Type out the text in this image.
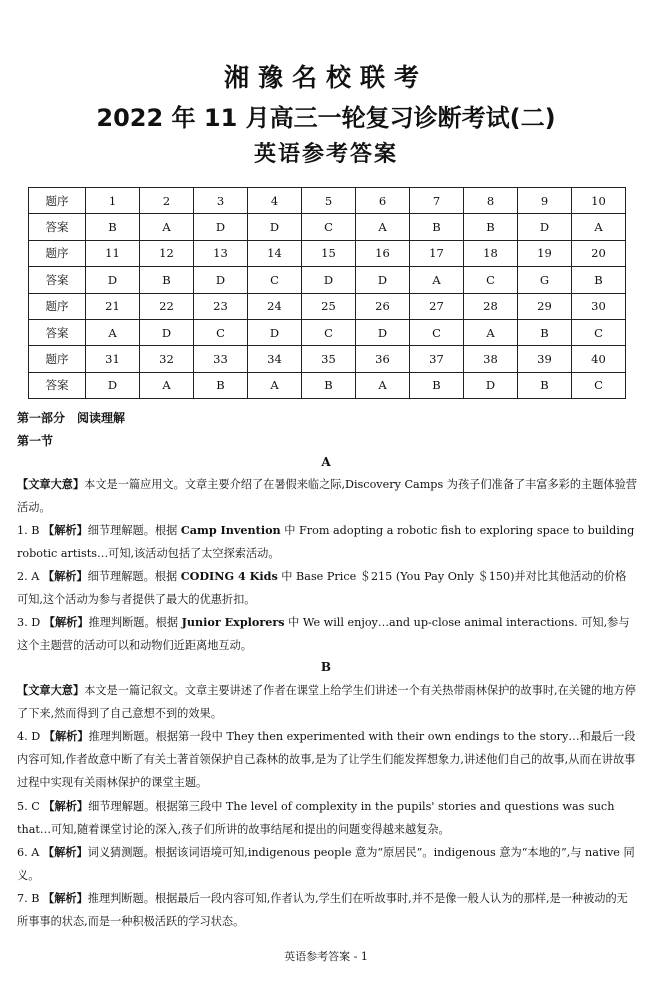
湘豫名校联考
2022 年 11 月高三一轮复习诊断考试(二)
英语参考答案
题序	1	2	3	4	5	6	7	8	9	10
答案	B	A	D	D	C	A	B	B	D	A
题序	11	12	13	14	15	16	17	18	19	20
答案	D	B	D	C	D	D	A	C	G	B
题序	21	22	23	24	25	26	27	28	29	30
答案	A	D	C	D	C	D	C	A	B	C
题序	31	32	33	34	35	36	37	38	39	40
答案	D	A	B	A	B	A	B	D	B	C
第一部分　阅读理解
第一节
A
【文章大意】本文是一篇应用文。文章主要介绍了在暑假来临之际,Discovery Camps 为孩子们准备了丰富多彩的主题体验营活动。
1. B 【解析】细节理解题。根据 Camp Invention 中 From adopting a robotic fish to exploring space to building robotic artists…可知,该活动包括了太空探索活动。
2. A 【解析】细节理解题。根据 CODING 4 Kids 中 Base Price ＄215 (You Pay Only ＄150)并对比其他活动的价格可知,这个活动为参与者提供了最大的优惠折扣。
3. D 【解析】推理判断题。根据 Junior Explorers 中 We will enjoy…and up-close animal interactions. 可知,参与这个主题营的活动可以和动物们近距离地互动。
B
【文章大意】本文是一篇记叙文。文章主要讲述了作者在课堂上给学生们讲述一个有关热带雨林保护的故事时,在关键的地方停了下来,然而得到了自己意想不到的效果。
4. D 【解析】推理判断题。根据第一段中 They then experimented with their own endings to the story…和最后一段内容可知,作者故意中断了有关土著首领保护自己森林的故事,是为了让学生们能发挥想象力,讲述他们自己的故事,从而在讲故事过程中实现有关雨林保护的课堂主题。
5. C 【解析】细节理解题。根据第三段中 The level of complexity in the pupils' stories and questions was such that…可知,随着课堂讨论的深入,孩子们所讲的故事结尾和提出的问题变得越来越复杂。
6. A 【解析】词义猜测题。根据该词语境可知,indigenous people 意为“原居民”。indigenous 意为“本地的”,与 native 同义。
7. B 【解析】推理判断题。根据最后一段内容可知,作者认为,学生们在听故事时,并不是像一般人认为的那样,是一种被动的无所事事的状态,而是一种积极活跃的学习状态。
英语参考答案 - 1
